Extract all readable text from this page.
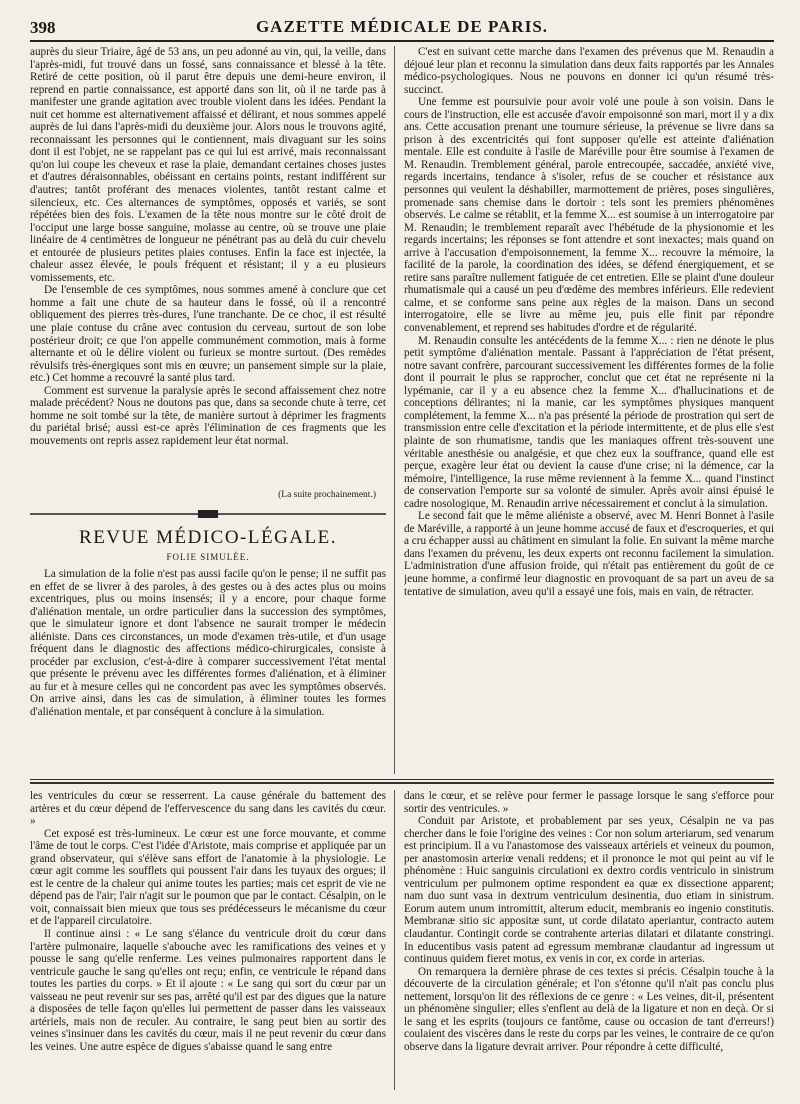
398	GAZETTE MÉDICALE DE PARIS.

auprès du sieur Triaire, âgé de 53 ans, un peu adonné au vin, qui, la veille, dans l'après-midi, fut trouvé dans un fossé, sans connaissance et blessé à la tête. Retiré de cette position, où il parut être depuis une demi-heure environ, il reprend en partie connaissance, est apporté dans son lit, où il ne tarde pas à manifester une grande agitation avec trouble violent dans les idées. Pendant la nuit cet homme est alternativement affaissé et délirant, et nous sommes appelé auprès de lui dans l'après-midi du deuxième jour. Alors nous le trouvons agité, reconnaissant les personnes qui le contiennent, mais divaguant sur les soins dont il est l'objet, ne se rappelant pas ce qui lui est arrivé, mais reconnaissant qu'on lui coupe les cheveux et rase la plaie, demandant certaines choses justes et d'autres déraisonnables, obéissant en certains points, restant indifférent sur d'autres; tantôt proférant des menaces violentes, tantôt restant calme et silencieux, etc. Ces alternances de symptômes, opposés et variés, se sont répétées bien des fois. L'examen de la tête nous montre sur le côté droit de l'occiput une large bosse sanguine, molasse au centre, où se trouve une plaie linéaire de 4 centimètres de longueur ne pénétrant pas au delà du cuir chevelu et entourée de plusieurs petites plaies contuses. Enfin la face est injectée, la chaleur assez élevée, le pouls fréquent et résistant; il y a eu plusieurs vomissements, etc.

De l'ensemble de ces symptômes, nous sommes amené à conclure que cet homme a fait une chute de sa hauteur dans le fossé, où il a rencontré obliquement des pierres très-dures, l'une tranchante. De ce choc, il est résulté une plaie contuse du crâne avec contusion du cerveau, surtout de son lobe postérieur droit; ce que l'on appelle communément commotion, mais à forme alternante et où le délire violent ou furieux se montre surtout. (Des remèdes révulsifs très-énergiques sont mis en œuvre; un pansement simple sur la plaie, etc.) Cet homme a recouvré la santé plus tard.

Comment est survenue la paralysie après le second affaissement chez notre malade précédent? Nous ne doutons pas que, dans sa seconde chute à terre, cet homme ne soit tombé sur la tête, de manière surtout à déprimer les fragments du pariétal brisé; aussi est-ce après l'élimination de ces fragments que les mouvements ont repris assez rapidement leur état normal.

(La suite prochainement.)
REVUE MÉDICO-LÉGALE.
FOLIE SIMULÉE.

La simulation de la folie n'est pas aussi facile qu'on le pense; il ne suffit pas en effet de se livrer à des paroles, à des gestes ou à des actes plus ou moins excentriques, plus ou moins insensés; il y a encore, pour chaque forme d'aliénation mentale, un ordre particulier dans la succession des symptômes, que le simulateur ignore et dont l'absence ne saurait tromper le médecin aliéniste. Dans ces circonstances, un mode d'examen très-utile, et d'un usage fréquent dans le diagnostic des affections médico-chirurgicales, consiste à procéder par exclusion, c'est-à-dire à comparer successivement l'état mental que présente le prévenu avec les différentes formes d'aliénation, et à éliminer au fur et à mesure celles qui ne concordent pas avec les symptômes observés. On arrive ainsi, dans les cas de simulation, à éliminer toutes les formes d'aliénation mentale, et par conséquent à conclure à la simulation.

C'est en suivant cette marche dans l'examen des prévenus que M. Renaudin a déjoué leur plan et reconnu la simulation dans deux faits rapportés par les Annales médico-psychologiques. Nous ne pouvons en donner ici qu'un résumé très-succinct.

Une femme est poursuivie pour avoir volé une poule à son voisin. Dans le cours de l'instruction, elle est accusée d'avoir empoisonné son mari, mort il y a dix ans. Cette accusation prenant une tournure sérieuse, la prévenue se livre dans sa prison à des excentricités qui font supposer qu'elle est atteinte d'aliénation mentale. Elle est conduite à l'asile de Maréville pour être soumise à l'examen de M. Renaudin. Tremblement général, parole entrecoupée, saccadée, anxiété vive, regards incertains, tendance à s'isoler, refus de se coucher et résistance aux personnes qui veulent la déshabiller, marmottement de prières, poses singulières, promenade sans chemise dans le dortoir : tels sont les premiers phénomènes observés. Le calme se rétablit, et la femme X... est soumise à un interrogatoire par M. Renaudin; le tremblement reparaît avec l'hébétude de la physionomie et les regards incertains; les réponses se font attendre et sont inexactes; mais quand on arrive à l'accusation d'empoisonnement, la femme X... recouvre la mémoire, la facilité de la parole, la coordination des idées, se défend énergiquement, et se retire sans paraître nullement fatiguée de cet entretien. Elle se plaint d'une douleur rhumatismale qui a causé un peu d'œdème des membres inférieurs. Elle redevient calme, et se conforme sans peine aux règles de la maison. Dans un second interrogatoire, elle se livre au même jeu, puis elle finit par répondre convenablement, et reprend ses habitudes d'ordre et de régularité.

M. Renaudin consulte les antécédents de la femme X... : rien ne dénote le plus petit symptôme d'aliénation mentale. Passant à l'appréciation de l'état présent, notre savant confrère, parcourant successivement les différentes formes de la folie dont il pourrait le plus se rapprocher, conclut que cet état ne représente ni la lypémanie, car il y a eu absence chez la femme X... d'hallucinations et de conceptions délirantes; ni la manie, car les symptômes physiques manquent complétement, la femme X... n'a pas présenté la période de prostration qui sert de transmission entre celle d'excitation et la période intermittente, et de plus elle s'est plainte de son rhumatisme, tandis que les maniaques offrent très-souvent une véritable anesthésie ou analgésie, et que chez eux la souffrance, quand elle est perçue, exagère leur état ou devient la cause d'une crise; ni la démence, car la mémoire, l'intelligence, la ruse même reviennent à la femme X... quand l'instinct de conservation l'emporte sur sa volonté de simuler. Après avoir ainsi épuisé le cadre nosologique, M. Renaudin arrive nécessairement et conclut à la simulation.

Le second fait que le même aliéniste a observé, avec M. Henri Bonnet à l'asile de Maréville, a rapporté à un jeune homme accusé de faux et d'escroqueries, et qui a cru échapper aussi au châtiment en simulant la folie. En suivant la même marche dans l'examen du prévenu, les deux experts ont reconnu facilement la simulation. L'administration d'une affusion froide, qui n'était pas entièrement du goût de ce jeune homme, a confirmé leur diagnostic en provoquant de sa part un aveu de sa tentative de simulation, aveu qu'il a essayé une fois, mais en vain, de rétracter.

les ventricules du cœur se resserrent. La cause générale du battement des artères et du cœur dépend de l'effervescence du sang dans les cavités du cœur. »

Cet exposé est très-lumineux. Le cœur est une force mouvante, et comme l'âme de tout le corps. C'est l'idée d'Aristote, mais comprise et appliquée par un grand observateur, qui s'élève sans effort de l'anatomie à la physiologie. Le cœur agit comme les soufflets qui poussent l'air dans les tuyaux des orgues; il est le centre de la chaleur qui anime toutes les parties; mais cet esprit de vie ne dépend pas de l'air; l'air n'agit sur le poumon que par le contact. Césalpin, on le voit, connaissait bien mieux que tous ses prédécesseurs le mécanisme du cœur et de l'appareil circulatoire.

Il continue ainsi : « Le sang s'élance du ventricule droit du cœur dans l'artère pulmonaire, laquelle s'abouche avec les ramifications des veines et y pousse le sang qu'elle renferme. Les veines pulmonaires rapportent dans le ventricule gauche le sang qu'elles ont reçu; enfin, ce ventricule le répand dans toutes les parties du corps. » Et il ajoute : « Le sang qui sort du cœur par un vaisseau ne peut revenir sur ses pas, arrêté qu'il est par des digues que la nature a disposées de telle façon qu'elles lui permettent de passer dans les vaisseaux artériels, mais non de reculer. Au contraire, le sang peut bien au sortir des veines s'insinuer dans les cavités du cœur, mais il ne peut revenir du cœur dans les veines. Une autre espèce de digues s'abaisse quand le sang entre

dans le cœur, et se relève pour fermer le passage lorsque le sang s'efforce pour sortir des ventricules. »

Conduit par Aristote, et probablement par ses yeux, Césalpin ne va pas chercher dans le foie l'origine des veines : Cor non solum arteriarum, sed venarum est principium. Il a vu l'anastomose des vaisseaux artériels et veineux du poumon, per anastomosin arteriœ venali reddens; et il prononce le mot qui peint au vif le phénomène : Huic sanguinis circulationi ex dextro cordis ventriculo in sinistrum ventriculum per pulmonem optime respondent ea quæ ex dissectione apparent; nam duo sunt vasa in dextrum ventriculum desinentia, duo etiam in sinistrum. Eorum autem unum intromittit, alterum educit, membranis eo ingenio constitutis. Membranæ sitio sic appositæ sunt, ut corde dilatato aperiantur, contracto autem claudantur. Contingit corde se contrahente arterias dilatari et dilatante constringi. In educentibus vasis patent ad egressum membranæ claudantur ad ingressum ut continuus quidem fieret motus, ex venis in cor, ex corde in arterias.

On remarquera la dernière phrase de ces textes si précis. Césalpin touche à la découverte de la circulation générale; et l'on s'étonne qu'il n'ait pas conclu plus nettement, lorsqu'on lit des réflexions de ce genre : « Les veines, dit-il, présentent un phénomène singulier; elles s'enflent au delà de la ligature et non en deçà. Or si le sang et les esprits (toujours ce fantôme, cause ou occasion de tant d'erreurs!) coulaient des viscères dans le reste du corps par les veines, le contraire de ce qu'on observe dans la ligature devrait arriver. Pour répondre à cette difficulté,
